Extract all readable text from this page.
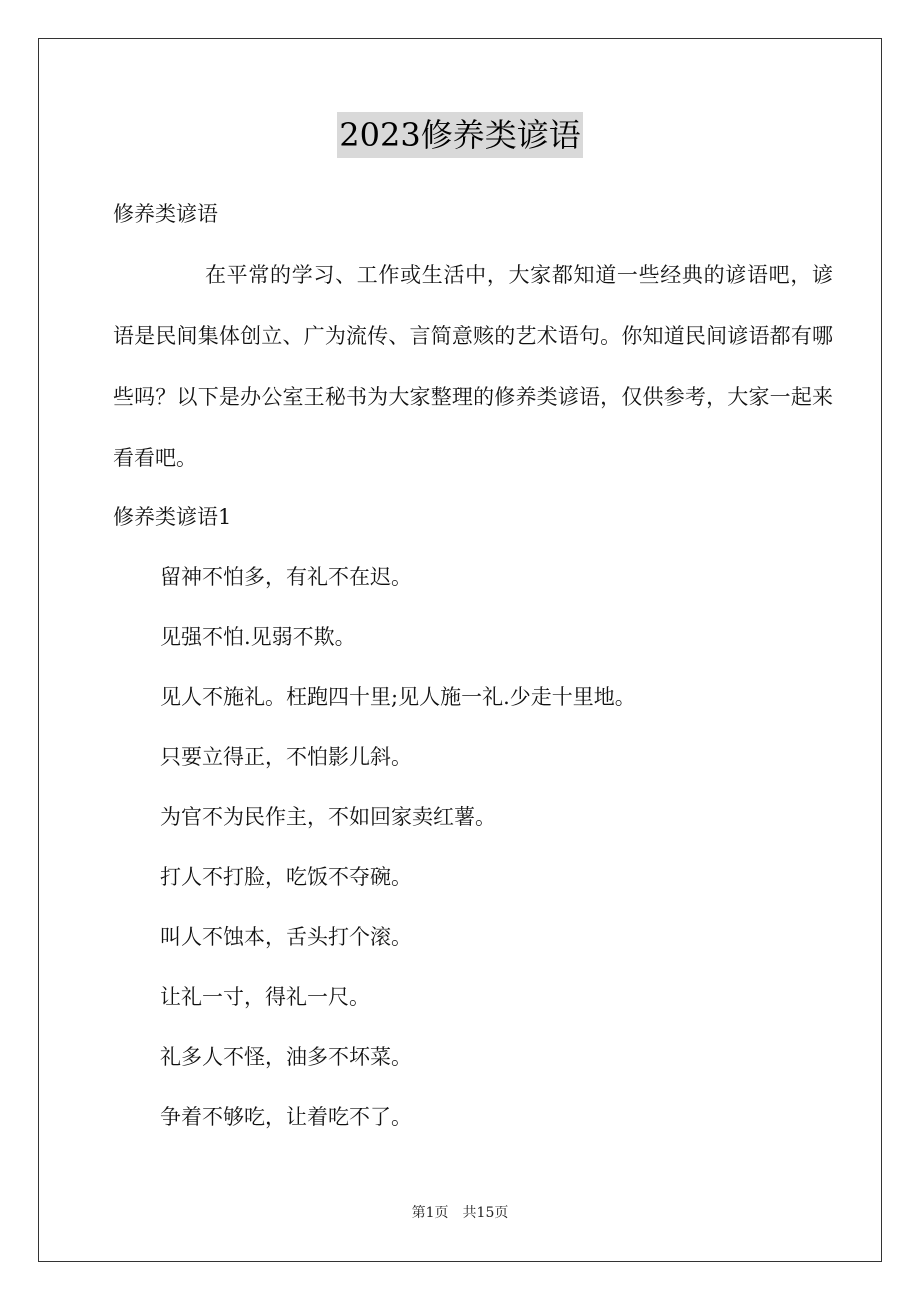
2023修养类谚语
修养类谚语

在平常的学习、工作或生活中，大家都知道一些经典的谚语吧，谚语是民间集体创立、广为流传、言简意赅的艺术语句。你知道民间谚语都有哪些吗？以下是办公室王秘书为大家整理的修养类谚语，仅供参考，大家一起来看看吧。

修养类谚语1
留神不怕多，有礼不在迟。
见强不怕.见弱不欺。
见人不施礼。枉跑四十里;见人施一礼.少走十里地。
只要立得正，不怕影儿斜。
为官不为民作主，不如回家卖红薯。
打人不打脸，吃饭不夺碗。
叫人不蚀本，舌头打个滚。
让礼一寸，得礼一尺。
礼多人不怪，油多不坏菜。
争着不够吃，让着吃不了。
第1页　共15页
